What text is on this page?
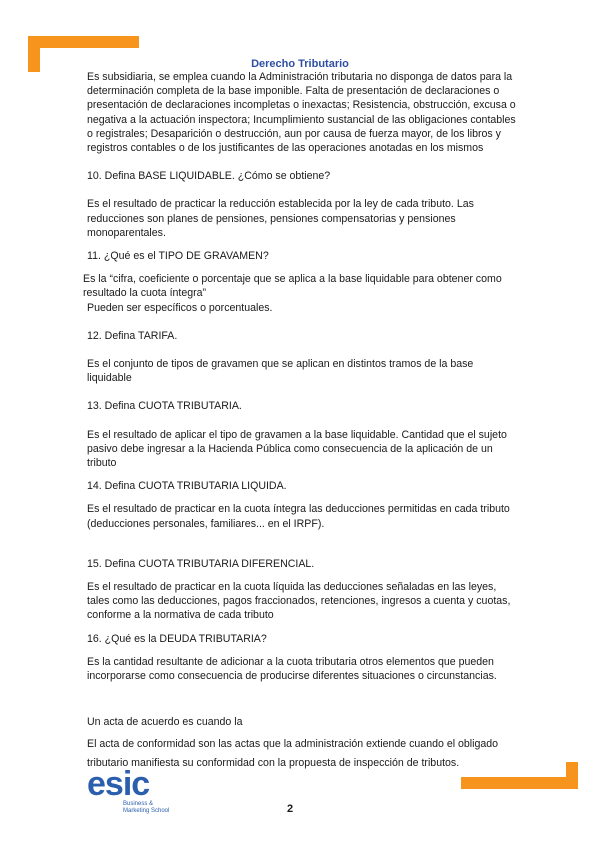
Derecho Tributario

Es subsidiaria, se emplea cuando la Administración tributaria no disponga de datos para la determinación completa de la base imponible. Falta de presentación de declaraciones o presentación de declaraciones incompletas o inexactas; Resistencia, obstrucción, excusa o negativa a la actuación inspectora; Incumplimiento sustancial de las obligaciones contables o registrales; Desaparición o destrucción, aun por causa de fuerza mayor, de los libros y registros contables o de los justificantes de las operaciones anotadas en los mismos

10. Defina BASE LIQUIDABLE. ¿Cómo se obtiene?

Es el resultado de practicar la reducción establecida por la ley de cada tributo. Las reducciones son planes de pensiones, pensiones compensatorias y pensiones monoparentales.

11. ¿Qué es el TIPO DE GRAVAMEN?

Es la “cifra, coeficiente o porcentaje que se aplica a la base liquidable para obtener como resultado la cuota íntegra”

Pueden ser específicos o porcentuales.

12. Defina TARIFA.

Es el conjunto de tipos de gravamen que se aplican en distintos tramos de la base liquidable

13. Defina CUOTA TRIBUTARIA.

Es el resultado de aplicar el tipo de gravamen a la base liquidable. Cantidad que el sujeto pasivo debe ingresar a la Hacienda Pública como consecuencia de la aplicación de un tributo

14. Defina CUOTA TRIBUTARIA LIQUIDA.

Es el resultado de practicar en la cuota íntegra las deducciones permitidas en cada tributo (deducciones personales, familiares... en el IRPF).

15. Defina CUOTA TRIBUTARIA DIFERENCIAL.

Es el resultado de practicar en la cuota líquida las deducciones señaladas en las leyes, tales como las deducciones, pagos fraccionados, retenciones, ingresos a cuenta y cuotas, conforme a la normativa de cada tributo

16. ¿Qué es la DEUDA TRIBUTARIA?

Es la cantidad resultante de adicionar a la cuota tributaria otros elementos que pueden incorporarse como consecuencia de producirse diferentes situaciones o circunstancias.

Un acta de acuerdo es cuando la

El acta de conformidad son las actas que la administración extiende cuando el obligado tributario manifiesta su conformidad con la propuesta de inspección de tributos.

esic
Business &
Marketing School	2
